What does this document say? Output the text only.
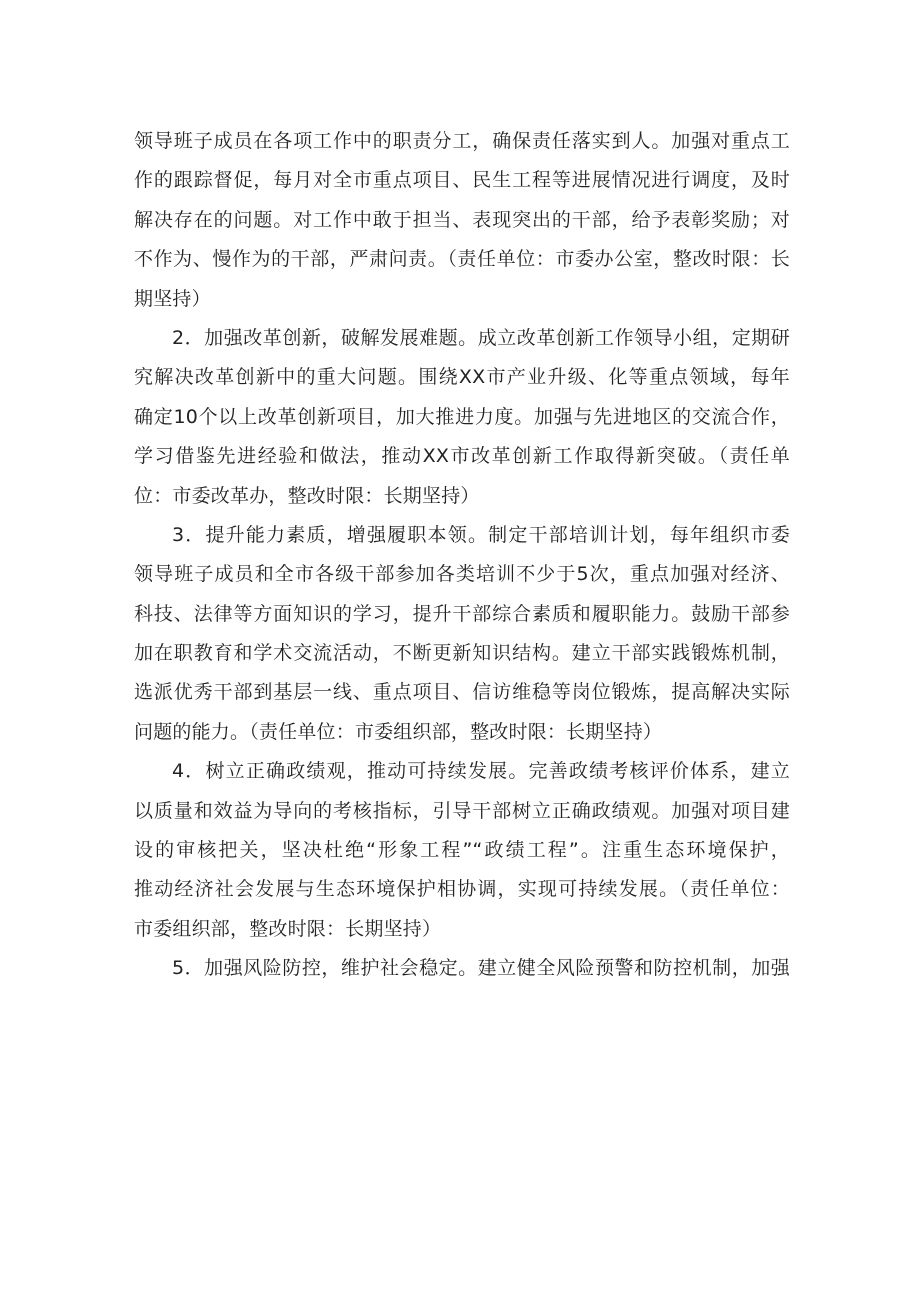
领导班子成员在各项工作中的职责分工，确保责任落实到人。加强对重点工
作的跟踪督促，每月对全市重点项目、民生工程等进展情况进行调度，及时
解决存在的问题。对工作中敢于担当、表现突出的干部，给予表彰奖励；对
不作为、慢作为的干部，严肃问责。（责任单位：市委办公室，整改时限：长
期坚持）
2．加强改革创新，破解发展难题。成立改革创新工作领导小组，定期研
究解决改革创新中的重大问题。围绕XX市产业升级、化等重点领域，每年
确定10个以上改革创新项目，加大推进力度。加强与先进地区的交流合作，
学习借鉴先进经验和做法，推动XX市改革创新工作取得新突破。（责任单
位：市委改革办，整改时限：长期坚持）
3．提升能力素质，增强履职本领。制定干部培训计划，每年组织市委
领导班子成员和全市各级干部参加各类培训不少于5次，重点加强对经济、
科技、法律等方面知识的学习，提升干部综合素质和履职能力。鼓励干部参
加在职教育和学术交流活动，不断更新知识结构。建立干部实践锻炼机制，
选派优秀干部到基层一线、重点项目、信访维稳等岗位锻炼，提高解决实际
问题的能力。（责任单位：市委组织部，整改时限：长期坚持）
4．树立正确政绩观，推动可持续发展。完善政绩考核评价体系，建立
以质量和效益为导向的考核指标，引导干部树立正确政绩观。加强对项目建
设的审核把关，坚决杜绝“形象工程”“政绩工程”。注重生态环境保护，
推动经济社会发展与生态环境保护相协调，实现可持续发展。（责任单位：
市委组织部，整改时限：长期坚持）
5．加强风险防控，维护社会稳定。建立健全风险预警和防控机制，加强
